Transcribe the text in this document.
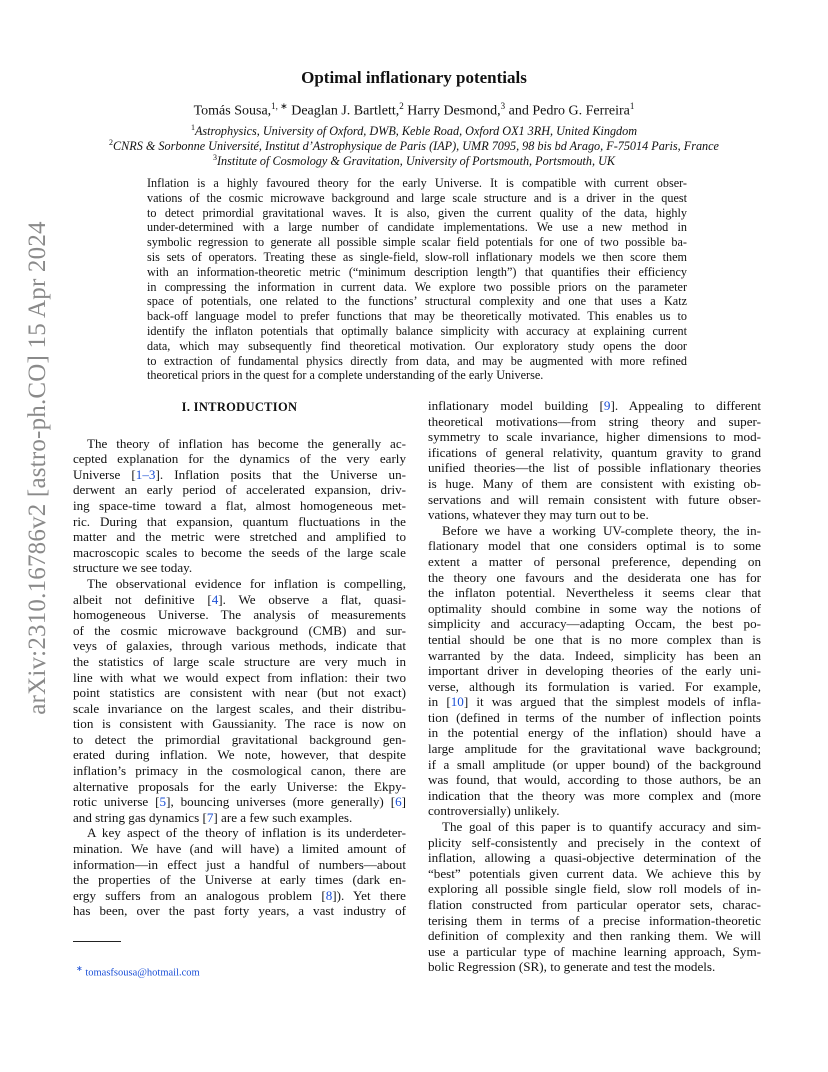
arXiv:2310.16786v2 [astro-ph.CO] 15 Apr 2024
Optimal inflationary potentials
Tomás Sousa,$^{1, ∗}$ Deaglan J. Bartlett,$^2$ Harry Desmond,$^3$ and Pedro G. Ferreira$^1$
$^1$Astrophysics, University of Oxford, DWB, Keble Road, Oxford OX1 3RH, United Kingdom
$^2$CNRS & Sorbonne Université, Institut d’Astrophysique de Paris (IAP), UMR 7095, 98 bis bd Arago, F-75014 Paris, France
$^3$Institute of Cosmology & Gravitation, University of Portsmouth, Portsmouth, UK
Inflation is a highly favoured theory for the early Universe. It is compatible with current obser-
vations of the cosmic microwave background and large scale structure and is a driver in the quest
to detect primordial gravitational waves. It is also, given the current quality of the data, highly
under-determined with a large number of candidate implementations. We use a new method in
symbolic regression to generate all possible simple scalar field potentials for one of two possible ba-
sis sets of operators. Treating these as single-field, slow-roll inflationary models we then score them
with an information-theoretic metric (“minimum description length”) that quantifies their efficiency
in compressing the information in current data. We explore two possible priors on the parameter
space of potentials, one related to the functions’ structural complexity and one that uses a Katz
back-off language model to prefer functions that may be theoretically motivated. This enables us to
identify the inflaton potentials that optimally balance simplicity with accuracy at explaining current
data, which may subsequently find theoretical motivation. Our exploratory study opens the door
to extraction of fundamental physics directly from data, and may be augmented with more refined
theoretical priors in the quest for a complete understanding of the early Universe.
I. INTRODUCTION
The theory of inflation has become the generally ac-
cepted explanation for the dynamics of the very early
Universe [1–3]. Inflation posits that the Universe un-
derwent an early period of accelerated expansion, driv-
ing space-time toward a flat, almost homogeneous met-
ric. During that expansion, quantum fluctuations in the
matter and the metric were stretched and amplified to
macroscopic scales to become the seeds of the large scale
structure we see today.
The observational evidence for inflation is compelling,
albeit not definitive [4]. We observe a flat, quasi-
homogeneous Universe. The analysis of measurements
of the cosmic microwave background (CMB) and sur-
veys of galaxies, through various methods, indicate that
the statistics of large scale structure are very much in
line with what we would expect from inflation: their two
point statistics are consistent with near (but not exact)
scale invariance on the largest scales, and their distribu-
tion is consistent with Gaussianity. The race is now on
to detect the primordial gravitational background gen-
erated during inflation. We note, however, that despite
inflation’s primacy in the cosmological canon, there are
alternative proposals for the early Universe: the Ekpy-
rotic universe [5], bouncing universes (more generally) [6]
and string gas dynamics [7] are a few such examples.
A key aspect of the theory of inflation is its underdeter-
mination. We have (and will have) a limited amount of
information—in effect just a handful of numbers—about
the properties of the Universe at early times (dark en-
ergy suffers from an analogous problem [8]). Yet there
has been, over the past forty years, a vast industry of
inflationary model building [9]. Appealing to different
theoretical motivations—from string theory and super-
symmetry to scale invariance, higher dimensions to mod-
ifications of general relativity, quantum gravity to grand
unified theories—the list of possible inflationary theories
is huge. Many of them are consistent with existing ob-
servations and will remain consistent with future obser-
vations, whatever they may turn out to be.
Before we have a working UV-complete theory, the in-
flationary model that one considers optimal is to some
extent a matter of personal preference, depending on
the theory one favours and the desiderata one has for
the inflaton potential. Nevertheless it seems clear that
optimality should combine in some way the notions of
simplicity and accuracy—adapting Occam, the best po-
tential should be one that is no more complex than is
warranted by the data. Indeed, simplicity has been an
important driver in developing theories of the early uni-
verse, although its formulation is varied. For example,
in [10] it was argued that the simplest models of infla-
tion (defined in terms of the number of inflection points
in the potential energy of the inflation) should have a
large amplitude for the gravitational wave background;
if a small amplitude (or upper bound) of the background
was found, that would, according to those authors, be an
indication that the theory was more complex and (more
controversially) unlikely.
The goal of this paper is to quantify accuracy and sim-
plicity self-consistently and precisely in the context of
inflation, allowing a quasi-objective determination of the
“best” potentials given current data. We achieve this by
exploring all possible single field, slow roll models of in-
flation constructed from particular operator sets, charac-
terising them in terms of a precise information-theoretic
definition of complexity and then ranking them. We will
use a particular type of machine learning approach, Sym-
bolic Regression (SR), to generate and test the models.
∗ tomasfsousa@hotmail.com
